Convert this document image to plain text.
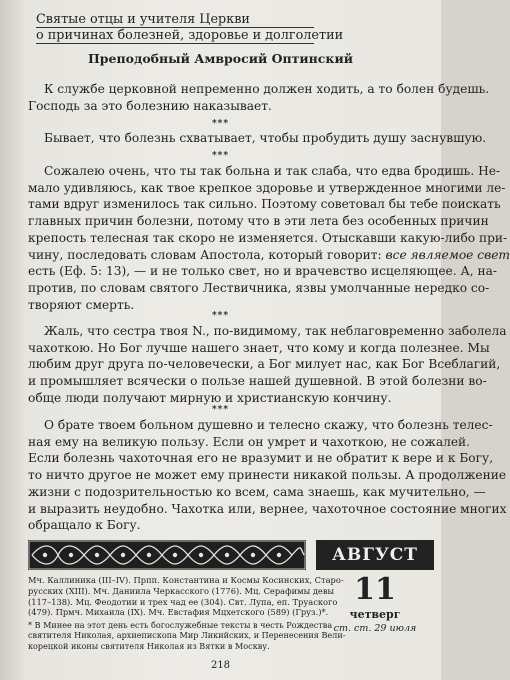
Святые отцы и учителя Церкви
о причинах болезней, здоровье и долголетии
Преподобный Амвросий Оптинский
К службе церковной непременно должен ходить, а то болен будешь.
Господь за это болезнию наказывает.
***
Бывает, что болезнь схватывает, чтобы пробудить душу заснувшую.
***
Сожалею очень, что ты так больна и так слаба, что едва бродишь. Не-
мало удивляюсь, как твое крепкое здоровье и утвержденное многими ле-
тами вдруг изменилось так сильно. Поэтому советовал бы тебе поискать
главных причин болезни, потому что в эти лета без особенных причин
крепость телесная так скоро не изменяется. Отыскавши какую-либо при-
чину, последовать словам Апостола, который говорит: все являемое свет
есть (Еф. 5: 13), — и не только свет, но и врачевство исцеляющее. А, на-
против, по словам святого Лествичника, язвы умолчанные нередко со-
творяют смерть.
***
Жаль, что сестра твоя N., по-видимому, так неблаговременно заболела
чахоткою. Но Бог лучше нашего знает, что кому и когда полезнее. Мы
любим друг друга по-человечески, а Бог милует нас, как Бог Всеблагий,
и промышляет всячески о пользе нашей душевной. В этой болезни во-
обще люди получают мирную и христианскую кончину.
***
О брате твоем больном душевно и телесно скажу, что болезнь телес-
ная ему на великую пользу. Если он умрет и чахоткою, не сожалей.
Если болезнь чахоточная его не вразумит и не обратит к вере и к Богу,
то ничто другое не может ему принести никакой пользы. А продолжение
жизни с подозрительностью ко всем, сама знаешь, как мучительно, —
и выразить неудобно. Чахотка или, вернее, чахоточное состояние многих
обращало к Богу.
АВГУСТ
11
четверг
ст. ст. 29 июля
Мч. Каллиника (III–IV). Прпп. Константина и Космы Косинских, Старо-
русских (XIII). Мч. Даниила Черкасского (1776). Мц. Серафимы девы
(117–138). Мц. Феодотии и трех чад ее (304). Свт. Лупа, еп. Труаского
(479). Прмч. Михаила (IX). Мч. Евстафия Мцхетского (589) (Груз.)*.
* В Минее на этот день есть богослужебные тексты в честь Рождества
святителя Николая, архиепископа Мир Ликийских, и Перенесения Вели-
корецкой иконы святителя Николая из Вятки в Москву.
218
